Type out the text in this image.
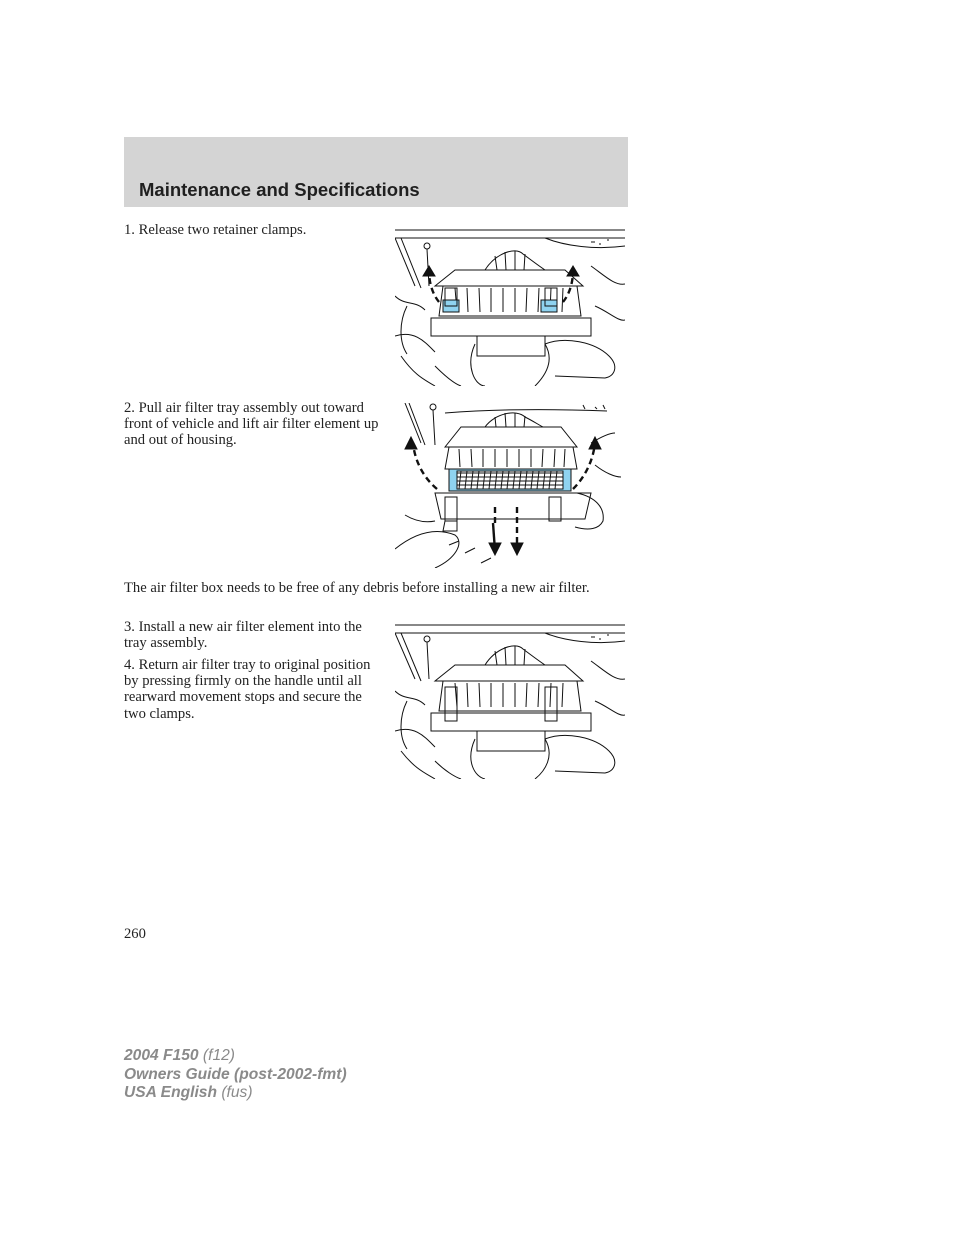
Maintenance and Specifications
1. Release two retainer clamps.
2. Pull air filter tray assembly out toward front of vehicle and lift air filter element up and out of housing.
The air filter box needs to be free of any debris before installing a new air filter.
3. Install a new air filter element into the tray assembly.
4. Return air filter tray to original position by pressing firmly on the handle until all rearward movement stops and secure the two clamps.
260
2004 F150 (f12)
Owners Guide (post-2002-fmt)
USA English (fus)
